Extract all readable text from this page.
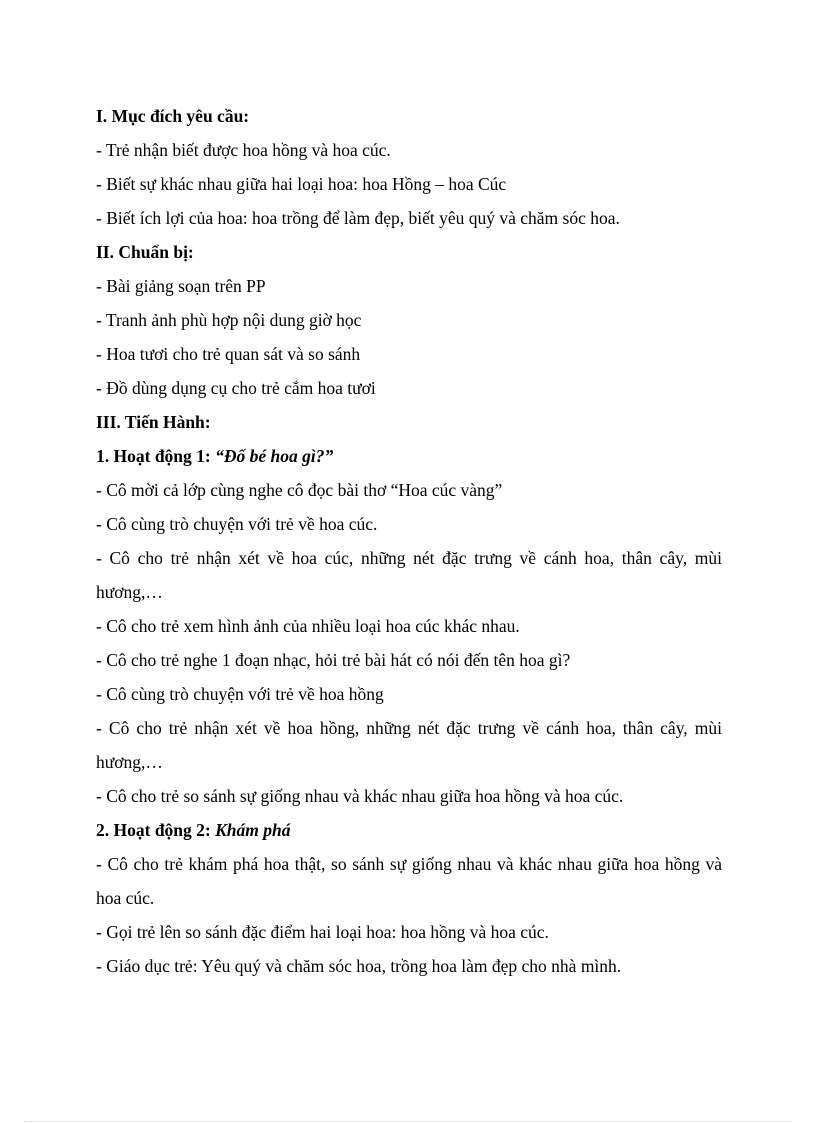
I. Mục đích yêu cầu:
- Trẻ nhận biết được hoa hồng và hoa cúc.
- Biết sự khác nhau giữa hai loại hoa: hoa Hồng – hoa Cúc
- Biết ích lợi của hoa: hoa trồng để làm đẹp, biết yêu quý và chăm sóc hoa.
II. Chuẩn bị:
- Bài giảng soạn trên PP
- Tranh ảnh phù hợp nội dung giờ học
- Hoa tươi cho trẻ quan sát và so sánh
- Đồ dùng dụng cụ cho trẻ cắm hoa tươi
III. Tiến Hành:
1. Hoạt động 1: “Đố bé hoa gì?”
- Cô mời cả lớp cùng nghe cô đọc bài thơ “Hoa cúc vàng”
- Cô cùng trò chuyện với trẻ về hoa cúc.
- Cô cho trẻ nhận xét về hoa cúc, những nét đặc trưng về cánh hoa, thân cây, mùi hương,…
- Cô cho trẻ xem hình ảnh của nhiều loại hoa cúc khác nhau.
- Cô cho trẻ nghe 1 đoạn nhạc, hỏi trẻ bài hát có nói đến tên hoa gì?
- Cô cùng trò chuyện với trẻ về hoa hồng
- Cô cho trẻ nhận xét về hoa hồng, những nét đặc trưng về cánh hoa, thân cây, mùi hương,…
- Cô cho trẻ so sánh sự giống nhau và khác nhau giữa hoa hồng và hoa cúc.
2. Hoạt động 2: Khám phá
- Cô cho trẻ khám phá hoa thật, so sánh sự giống nhau và khác nhau giữa hoa hồng và hoa cúc.
- Gọi trẻ lên so sánh đặc điểm hai loại hoa: hoa hồng và hoa cúc.
- Giáo dục trẻ: Yêu quý và chăm sóc hoa, trồng hoa làm đẹp cho nhà mình.
